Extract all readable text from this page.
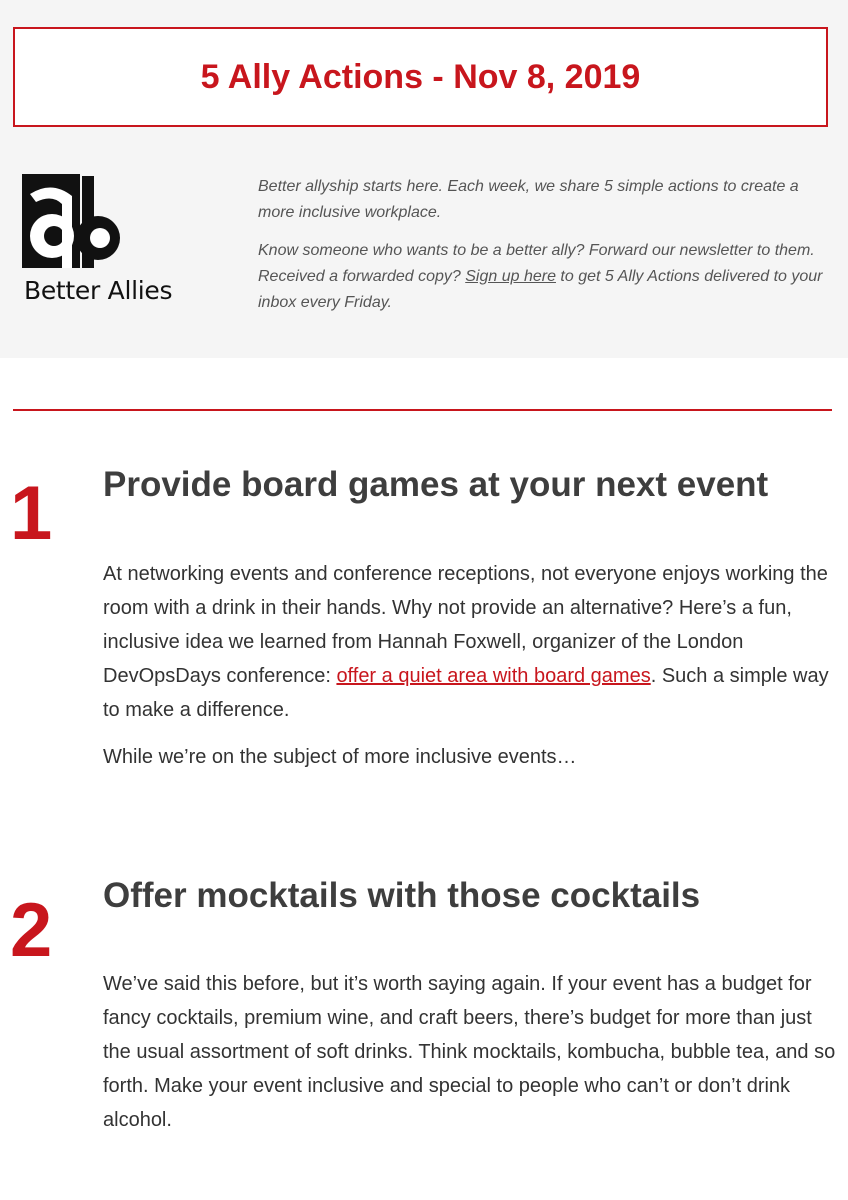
5 Ally Actions - Nov 8, 2019
Better Allies

Better allyship starts here. Each week, we share 5 simple actions to create a more inclusive workplace.

Know someone who wants to be a better ally? Forward our newsletter to them. Received a forwarded copy? Sign up here to get 5 Ally Actions delivered to your inbox every Friday.

1 Provide board games at your next event

At networking events and conference receptions, not everyone enjoys working the room with a drink in their hands. Why not provide an alternative? Here’s a fun, inclusive idea we learned from Hannah Foxwell, organizer of the London DevOpsDays conference: offer a quiet area with board games. Such a simple way to make a difference.

While we’re on the subject of more inclusive events…

2 Offer mocktails with those cocktails

We’ve said this before, but it’s worth saying again. If your event has a budget for fancy cocktails, premium wine, and craft beers, there’s budget for more than just the usual assortment of soft drinks. Think mocktails, kombucha, bubble tea, and so forth. Make your event inclusive and special to people who can’t or don’t drink alcohol.
